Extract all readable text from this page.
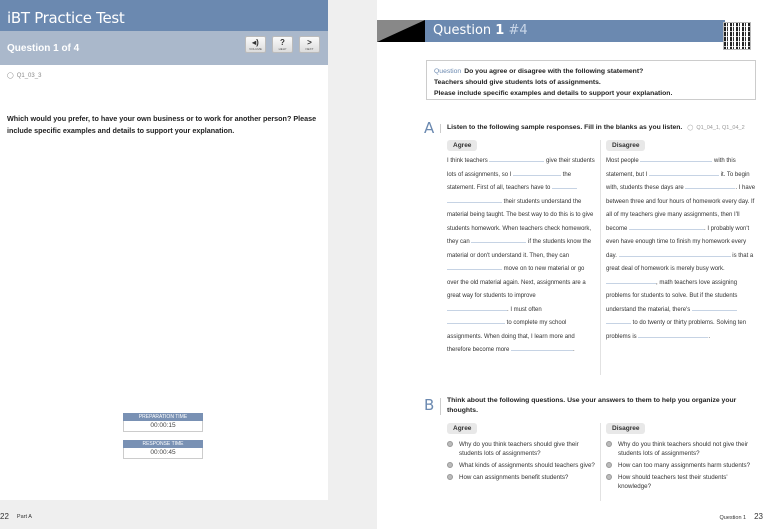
iBT Practice Test
Question 1 of 4
◂)
VOLUME
?
HELP
>
NEXT
◯ Q1_03_3
Which would you prefer, to have your own business or to work for another person? Please include specific examples and details to support your explanation.
PREPARATION TIME
00:00:15
RESPONSE TIME
00:00:45
22 Part A
Question 1 #4
Question Do you agree or disagree with the following statement?
Teachers should give students lots of assignments.
Please include specific examples and details to support your explanation.
A Listen to the following sample responses. Fill in the blanks as you listen. ◯ Q1_04_1, Q1_04_2
Agree	Disagree
I think teachers	give their students lots of assignments, so I	the statement. First of all, teachers have to  their students understand the material being taught. The best way to do this is to give students homework. When teachers check homework, they can	if the students know the material or don't understand it. Then, they can  move on to new material or go over the old material again. Next, assignments are a great way for students to improve . I must often  to complete my school assignments. When doing that, I learn more and therefore become more	.
Most people	with this statement, but I	it. To begin with, students these days are	. I have between three and four hours of homework every day. If all of my teachers give many assignments, then I'll become	. I probably won't even have enough time to finish my homework every day.	is that a great deal of homework is merely busy work. , math teachers love assigning problems for students to solve. But if the students understand the material, there's  to do twenty or thirty problems. Solving ten problems is	.
B Think about the following questions. Use your answers to them to help you organize your thoughts.
Agree	Disagree
Why do you think teachers should give their students lots of assignments?
What kinds of assignments should teachers give?
How can assignments benefit students?
Why do you think teachers should not give their students lots of assignments?
How can too many assignments harm students?
How should teachers test their students' knowledge?
Question 1 23
